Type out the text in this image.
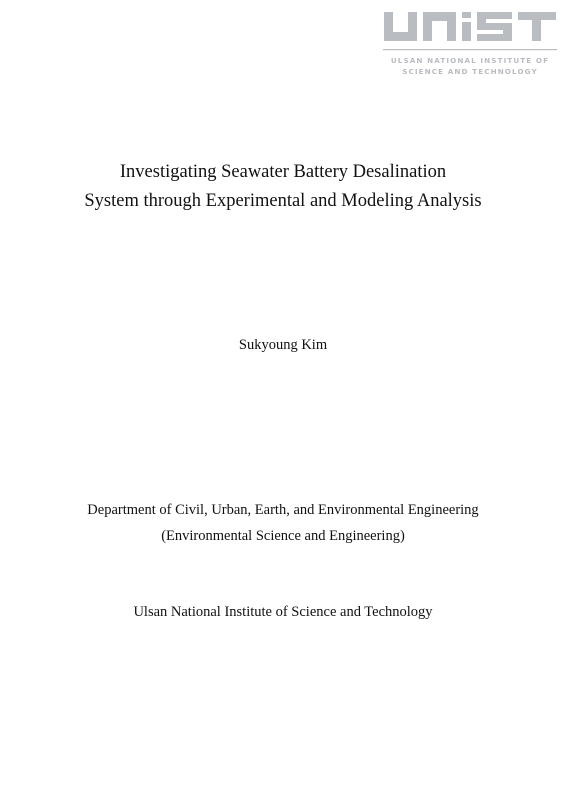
ULSAN NATIONAL INSTITUTE OF
SCIENCE AND TECHNOLOGY
Investigating Seawater Battery Desalination
System through Experimental and Modeling Analysis
Sukyoung Kim
Department of Civil, Urban, Earth, and Environmental Engineering
(Environmental Science and Engineering)
Ulsan National Institute of Science and Technology
